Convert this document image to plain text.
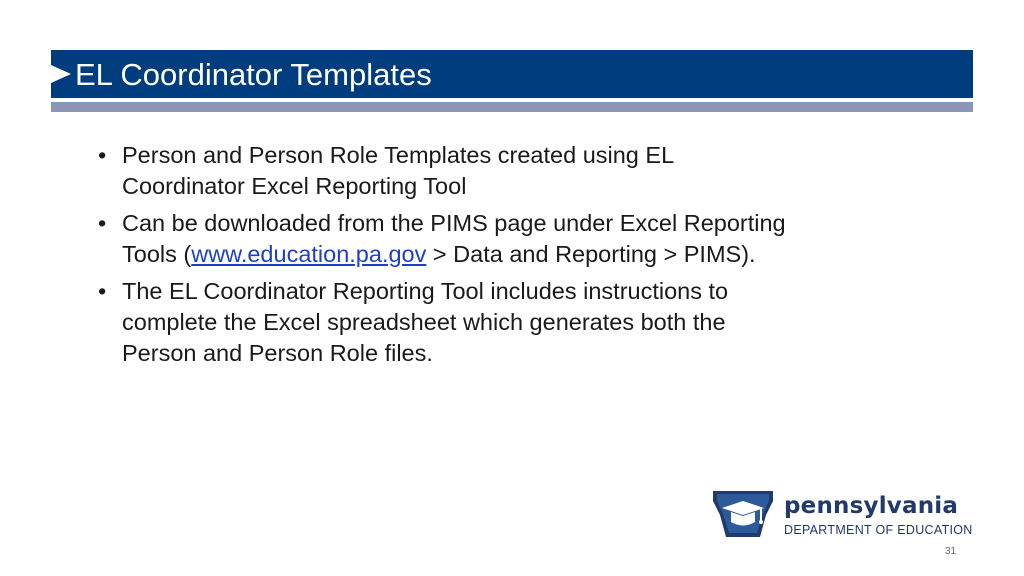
EL Coordinator Templates
• Person and Person Role Templates created using EL
Coordinator Excel Reporting Tool
• Can be downloaded from the PIMS page under Excel Reporting
Tools (www.education.pa.gov > Data and Reporting > PIMS).
• The EL Coordinator Reporting Tool includes instructions to
complete the Excel spreadsheet which generates both the
Person and Person Role files.
pennsylvania
DEPARTMENT OF EDUCATION
31
